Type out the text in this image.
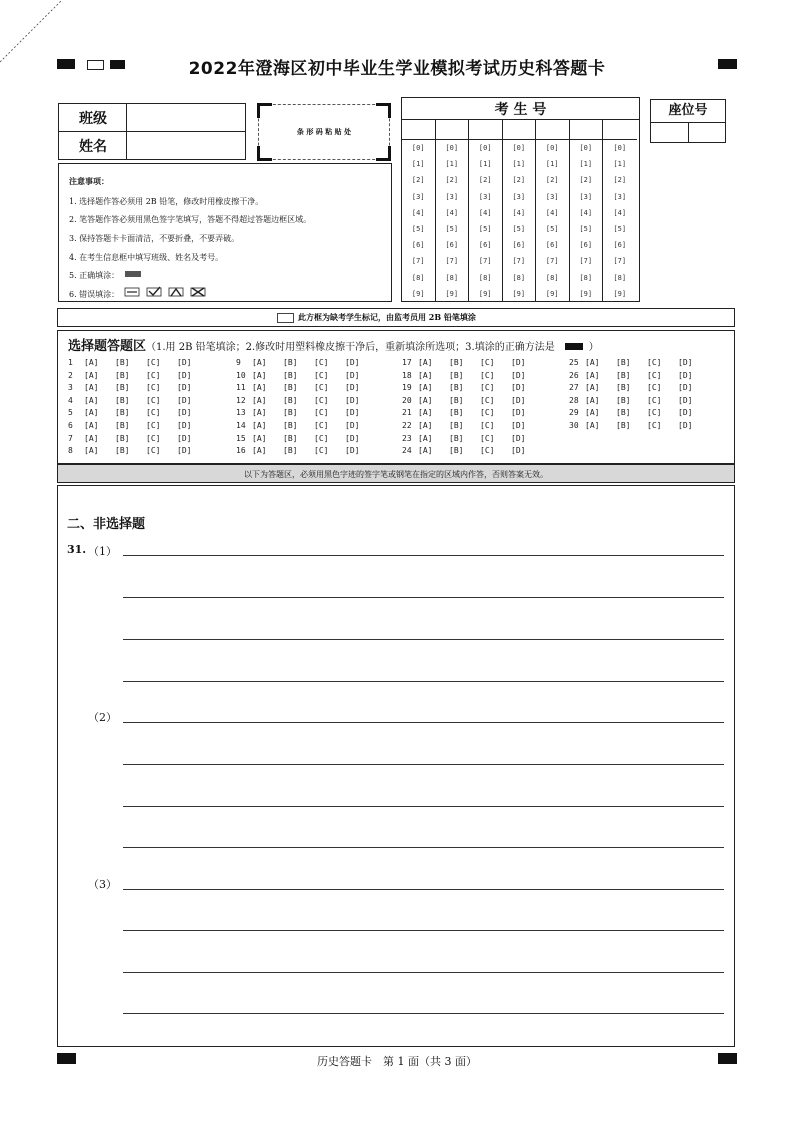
2022年澄海区初中毕业生学业模拟考试历史科答题卡
班级	
姓名	
条 形 码 粘 贴 处

注意事项：

1. 选择题作答必须用 2B 铅笔，修改时用橡皮擦干净。

2. 笔答题作答必须用黑色签字笔填写，答题不得超过答题边框区域。

3. 保持答题卡卡面清洁，不要折叠，不要弄破。

4. 在考生信息框中填写班级、姓名及考号。

5. 正确填涂：

6. 错误填涂：

考 生 号
[0]	[0]	[0]	[0]	[0]	[0]	[0]
[1]	[1]	[1]	[1]	[1]	[1]	[1]
[2]	[2]	[2]	[2]	[2]	[2]	[2]
[3]	[3]	[3]	[3]	[3]	[3]	[3]
[4]	[4]	[4]	[4]	[4]	[4]	[4]
[5]	[5]	[5]	[5]	[5]	[5]	[5]
[6]	[6]	[6]	[6]	[6]	[6]	[6]
[7]	[7]	[7]	[7]	[7]	[7]	[7]
[8]	[8]	[8]	[8]	[8]	[8]	[8]
[9]	[9]	[9]	[9]	[9]	[9]	[9]
座位号
此方框为缺考学生标记，由监考员用 2B 铅笔填涂
选择题答题区（1.用 2B 铅笔填涂；2.修改时用塑料橡皮擦干净后，重新填涂所选项；3.填涂的正确方法是	）
1 [A] [B] [C] [D]
2 [A] [B] [C] [D]
3 [A] [B] [C] [D]
4 [A] [B] [C] [D]
5 [A] [B] [C] [D]
6 [A] [B] [C] [D]
7 [A] [B] [C] [D]
8 [A] [B] [C] [D]
9 [A] [B] [C] [D]
10 [A] [B] [C] [D]
11 [A] [B] [C] [D]
12 [A] [B] [C] [D]
13 [A] [B] [C] [D]
14 [A] [B] [C] [D]
15 [A] [B] [C] [D]
16 [A] [B] [C] [D]
17 [A] [B] [C] [D]
18 [A] [B] [C] [D]
19 [A] [B] [C] [D]
20 [A] [B] [C] [D]
21 [A] [B] [C] [D]
22 [A] [B] [C] [D]
23 [A] [B] [C] [D]
24 [A] [B] [C] [D]
25 [A] [B] [C] [D]
26 [A] [B] [C] [D]
27 [A] [B] [C] [D]
28 [A] [B] [C] [D]
29 [A] [B] [C] [D]
30 [A] [B] [C] [D]
以下为答题区，必须用黑色字迹的签字笔或钢笔在指定的区域内作答，否则答案无效。
二、非选择题
31. （1）
（2）
（3）
历史答题卡　第 1 面（共 3 面）
